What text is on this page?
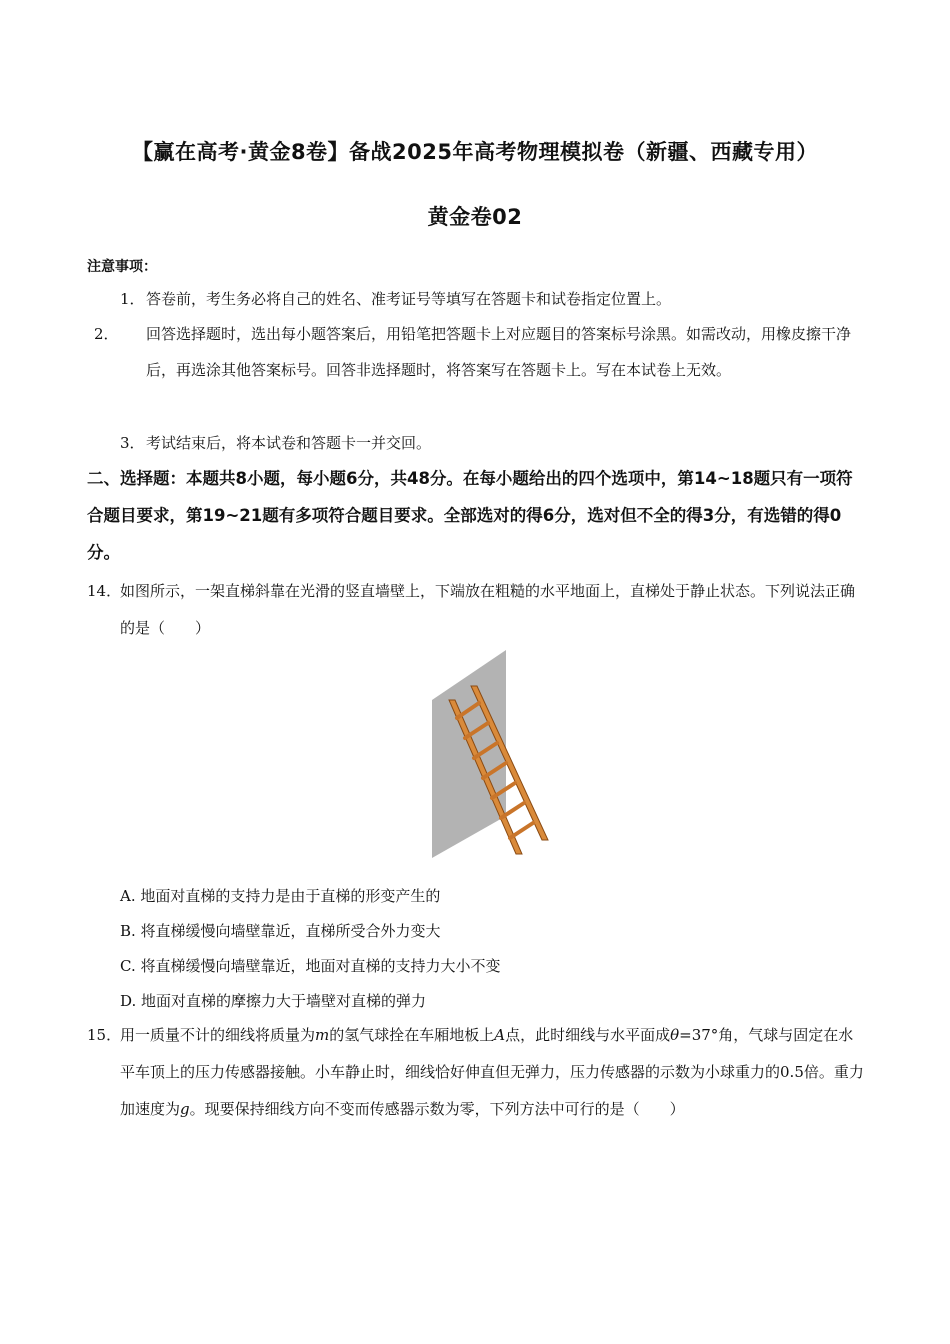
【赢在高考·黄金8卷】备战2025年高考物理模拟卷（新疆、西藏专用）
黄金卷02
注意事项：
1．答卷前，考生务必将自己的姓名、准考证号等填写在答题卡和试卷指定位置上。
2． 回答选择题时，选出每小题答案后，用铅笔把答题卡上对应题目的答案标号涂黑。如需改动，用橡皮擦干净后，再选涂其他答案标号。回答非选择题时，将答案写在答题卡上。写在本试卷上无效。
3．考试结束后，将本试卷和答题卡一并交回。
二、选择题：本题共8小题，每小题6分，共48分。在每小题给出的四个选项中，第14~18题只有一项符合题目要求，第19~21题有多项符合题目要求。全部选对的得6分，选对但不全的得3分，有选错的得0分。
14．
如图所示，一架直梯斜靠在光滑的竖直墙壁上，下端放在粗糙的水平地面上，直梯处于静止状态。下列说法正确的是（　　）
A. 地面对直梯的支持力是由于直梯的形变产生的
B. 将直梯缓慢向墙壁靠近，直梯所受合外力变大
C. 将直梯缓慢向墙壁靠近，地面对直梯的支持力大小不变
D. 地面对直梯的摩擦力大于墙壁对直梯的弹力
15．
用一质量不计的细线将质量为m的氢气球拴在车厢地板上A点，此时细线与水平面成θ=37°角，气球与固定在水平车顶上的压力传感器接触。小车静止时，细线恰好伸直但无弹力，压力传感器的示数为小球重力的0.5倍。重力加速度为g。现要保持细线方向不变而传感器示数为零，下列方法中可行的是（　　）
